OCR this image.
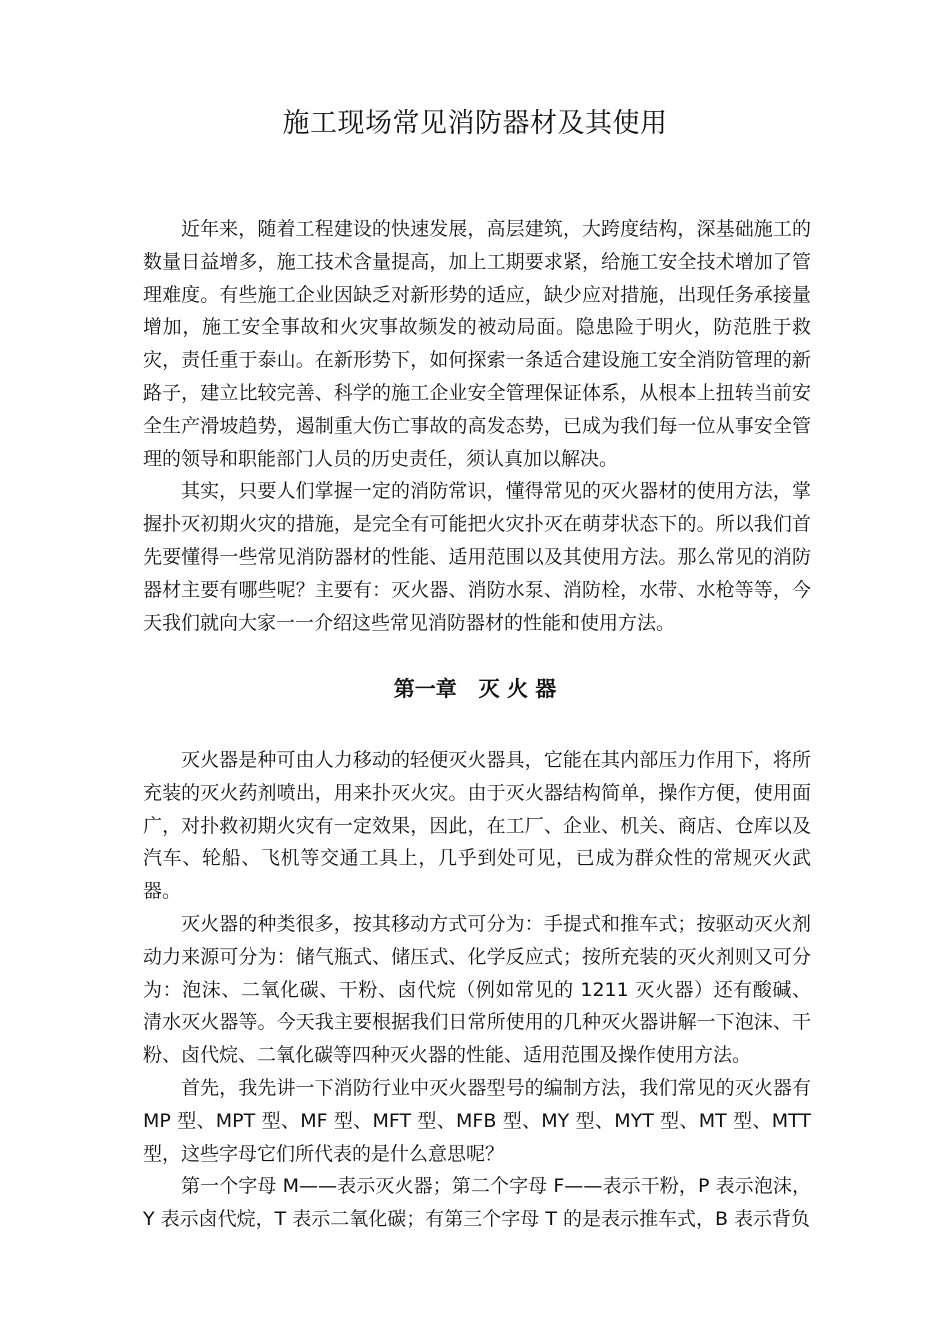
施工现场常见消防器材及其使用

近年来，随着工程建设的快速发展，高层建筑，大跨度结构，深基础施工的数量日益增多，施工技术含量提高，加上工期要求紧，给施工安全技术增加了管理难度。有些施工企业因缺乏对新形势的适应，缺少应对措施，出现任务承接量增加，施工安全事故和火灾事故频发的被动局面。隐患险于明火，防范胜于救灾，责任重于泰山。在新形势下，如何探索一条适合建设施工安全消防管理的新路子，建立比较完善、科学的施工企业安全管理保证体系，从根本上扭转当前安全生产滑坡趋势，遏制重大伤亡事故的高发态势，已成为我们每一位从事安全管理的领导和职能部门人员的历史责任，须认真加以解决。

其实，只要人们掌握一定的消防常识，懂得常见的灭火器材的使用方法，掌握扑灭初期火灾的措施，是完全有可能把火灾扑灭在萌芽状态下的。所以我们首先要懂得一些常见消防器材的性能、适用范围以及其使用方法。那么常见的消防器材主要有哪些呢？主要有：灭火器、消防水泵、消防栓，水带、水枪等等，今天我们就向大家一一介绍这些常见消防器材的性能和使用方法。

第一章   灭 火 器

灭火器是种可由人力移动的轻便灭火器具，它能在其内部压力作用下，将所充装的灭火药剂喷出，用来扑灭火灾。由于灭火器结构简单，操作方便，使用面广，对扑救初期火灾有一定效果，因此，在工厂、企业、机关、商店、仓库以及汽车、轮船、飞机等交通工具上，几乎到处可见，已成为群众性的常规灭火武器。

灭火器的种类很多，按其移动方式可分为：手提式和推车式；按驱动灭火剂动力来源可分为：储气瓶式、储压式、化学反应式；按所充装的灭火剂则又可分为：泡沫、二氧化碳、干粉、卤代烷（例如常见的 1211 灭火器）还有酸碱、清水灭火器等。今天我主要根据我们日常所使用的几种灭火器讲解一下泡沫、干粉、卤代烷、二氧化碳等四种灭火器的性能、适用范围及操作使用方法。

首先，我先讲一下消防行业中灭火器型号的编制方法，我们常见的灭火器有 MP 型、MPT 型、MF 型、MFT 型、MFB 型、MY 型、MYT 型、MT 型、MTT 型，这些字母它们所代表的是什么意思呢？

第一个字母 M——表示灭火器；第二个字母 F——表示干粉，P 表示泡沫，Y 表示卤代烷，T 表示二氧化碳；有第三个字母 T 的是表示推车式，B 表示背负
